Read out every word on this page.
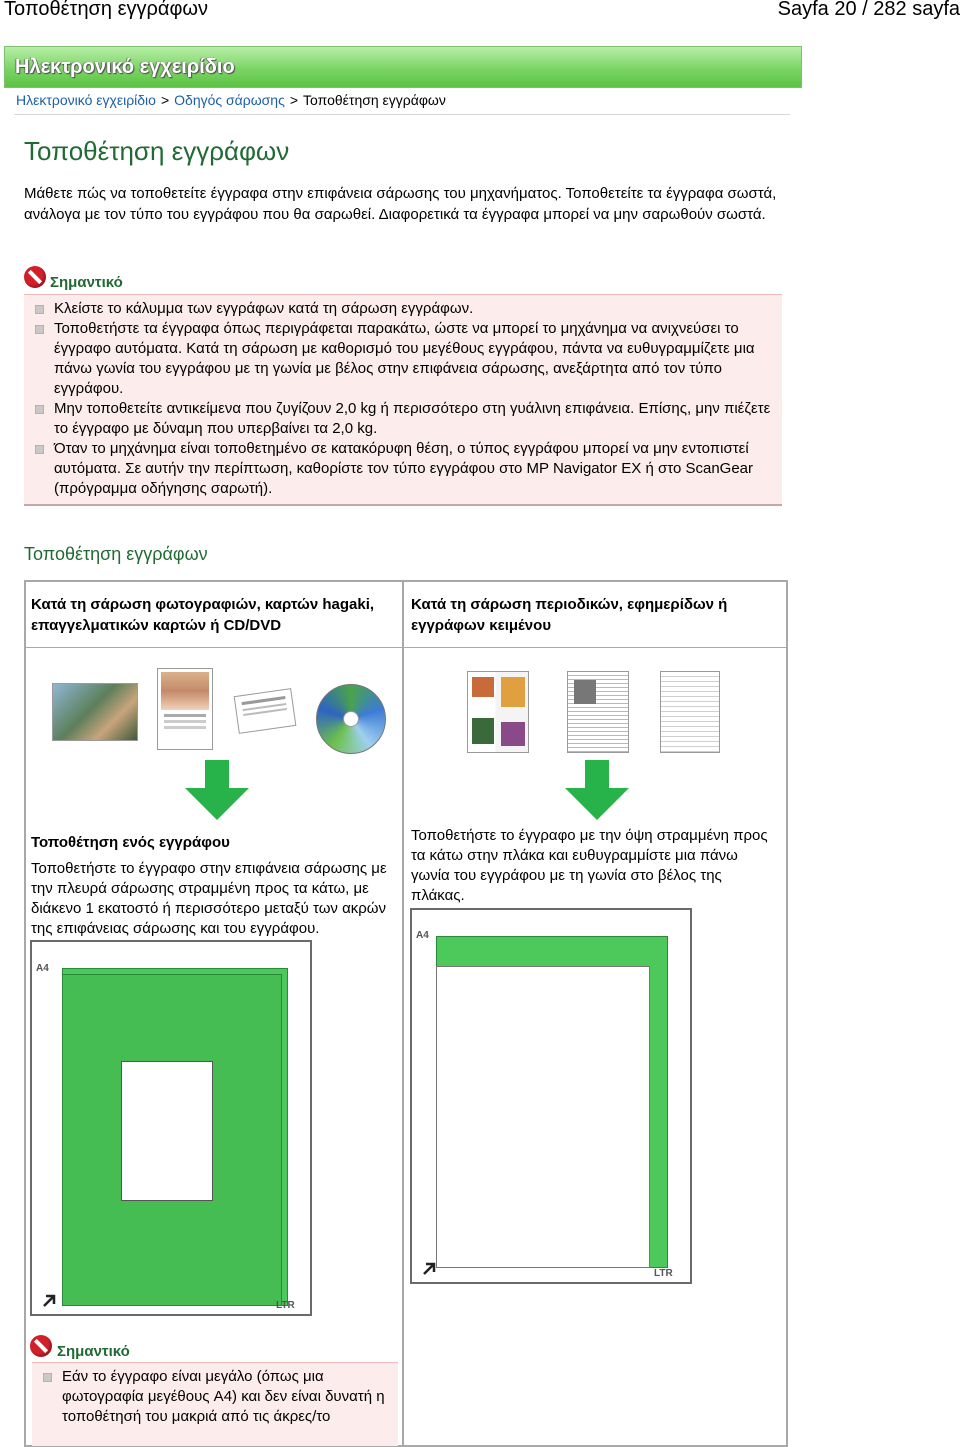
Τοποθέτηση εγγράφων	Sayfa 20 / 282 sayfa
Ηλεκτρονικό εγχειρίδιο
Ηλεκτρονικό εγχειρίδιο > Οδηγός σάρωσης > Τοποθέτηση εγγράφων
Τοποθέτηση εγγράφων
Μάθετε πώς να τοποθετείτε έγγραφα στην επιφάνεια σάρωσης του μηχανήματος. Τοποθετείτε τα έγγραφα σωστά, ανάλογα με τον τύπο του εγγράφου που θα σαρωθεί. Διαφορετικά τα έγγραφα μπορεί να μην σαρωθούν σωστά.
Σημαντικό
Κλείστε το κάλυμμα των εγγράφων κατά τη σάρωση εγγράφων.
Τοποθετήστε τα έγγραφα όπως περιγράφεται παρακάτω, ώστε να μπορεί το μηχάνημα να ανιχνεύσει το έγγραφο αυτόματα. Κατά τη σάρωση με καθορισμό του μεγέθους εγγράφου, πάντα να ευθυγραμμίζετε μια πάνω γωνία του εγγράφου με τη γωνία με βέλος στην επιφάνεια σάρωσης, ανεξάρτητα από τον τύπο εγγράφου.
Μην τοποθετείτε αντικείμενα που ζυγίζουν 2,0 kg ή περισσότερο στη γυάλινη επιφάνεια. Επίσης, μην πιέζετε το έγγραφο με δύναμη που υπερβαίνει τα 2,0 kg.
Όταν το μηχάνημα είναι τοποθετημένο σε κατακόρυφη θέση, ο τύπος εγγράφου μπορεί να μην εντοπιστεί αυτόματα. Σε αυτήν την περίπτωση, καθορίστε τον τύπο εγγράφου στο MP Navigator EX ή στο ScanGear (πρόγραμμα οδήγησης σαρωτή).
Τοποθέτηση εγγράφων
Κατά τη σάρωση φωτογραφιών, καρτών hagaki, επαγγελματικών καρτών ή CD/DVD
Κατά τη σάρωση περιοδικών, εφημερίδων ή εγγράφων κειμένου
Τοποθέτηση ενός εγγράφου
Τοποθετήστε το έγγραφο στην επιφάνεια σάρωσης με την πλευρά σάρωσης στραμμένη προς τα κάτω, με διάκενο 1 εκατοστό ή περισσότερο μεταξύ των ακρών της επιφάνειας σάρωσης και του εγγράφου.
A4
LTR
Τοποθετήστε το έγγραφο με την όψη στραμμένη προς τα κάτω στην πλάκα και ευθυγραμμίστε μια πάνω γωνία του εγγράφου με τη γωνία στο βέλος της πλάκας.
A4
LTR
Σημαντικό
Εάν το έγγραφο είναι μεγάλο (όπως μια φωτογραφία μεγέθους A4) και δεν είναι δυνατή η τοποθέτησή του μακριά από τις άκρες/το
